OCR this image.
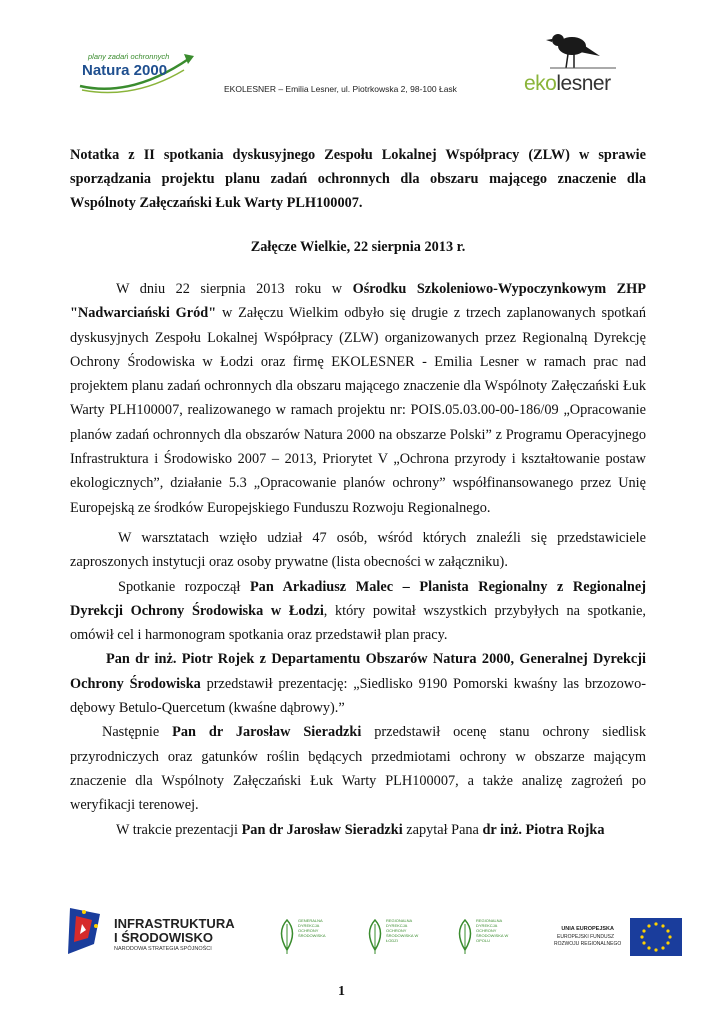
plany zadań ochronnych
Natura 2000
EKOLESNER – Emilia Lesner, ul. Piotrkowska 2, 98-100 Łask	ekolesner

Notatka z II spotkania dyskusyjnego Zespołu Lokalnej Współpracy (ZLW) w sprawie sporządzania projektu planu zadań ochronnych dla obszaru mającego znaczenie dla Wspólnoty Załęczański Łuk Warty PLH100007.

Załęcze Wielkie, 22 sierpnia 2013 r.

W dniu 22 sierpnia 2013 roku w Ośrodku Szkoleniowo-Wypoczynkowym ZHP "Nadwarciański Gród" w Załęczu Wielkim odbyło się drugie z trzech zaplanowanych spotkań dyskusyjnych Zespołu Lokalnej Współpracy (ZLW) organizowanych przez Regionalną Dyrekcję Ochrony Środowiska w Łodzi oraz firmę EKOLESNER - Emilia Lesner w ramach prac nad projektem planu zadań ochronnych dla obszaru mającego znaczenie dla Wspólnoty Załęczański Łuk Warty PLH100007, realizowanego w ramach projektu nr: POIS.05.03.00-00-186/09 „Opracowanie planów zadań ochronnych dla obszarów Natura 2000 na obszarze Polski” z Programu Operacyjnego Infrastruktura i Środowisko 2007 – 2013, Priorytet V „Ochrona przyrody i kształtowanie postaw ekologicznych”, działanie 5.3 „Opracowanie planów ochrony” współfinansowanego przez Unię Europejską ze środków Europejskiego Funduszu Rozwoju Regionalnego.

W warsztatach wzięło udział 47 osób, wśród których znaleźli się przedstawiciele zaproszonych instytucji oraz osoby prywatne (lista obecności w załączniku).

Spotkanie rozpoczął Pan Arkadiusz Malec – Planista Regionalny z Regionalnej Dyrekcji Ochrony Środowiska w Łodzi, który powitał wszystkich przybyłych na spotkanie, omówił cel i harmonogram spotkania oraz przedstawił plan pracy.

Pan dr inż. Piotr Rojek z Departamentu Obszarów Natura 2000, Generalnej Dyrekcji Ochrony Środowiska przedstawił prezentację: „Siedlisko 9190 Pomorski kwaśny las brzozowo-dębowy Betulo-Quercetum (kwaśne dąbrowy).”

Następnie Pan dr Jarosław Sieradzki przedstawił ocenę stanu ochrony siedlisk przyrodniczych oraz gatunków roślin będących przedmiotami ochrony w obszarze mającym znaczenie dla Wspólnoty Załęczański Łuk Warty PLH100007, a także analizę zagrożeń po weryfikacji terenowej.

W trakcie prezentacji Pan dr Jarosław Sieradzki zapytał Pana dr inż. Piotra Rojka

INFRASTRUKTURA
I ŚRODOWISKO
NARODOWA STRATEGIA SPÓJNOŚCI
GENERALNA DYREKCJA OCHRONY ŚRODOWISKA
REGIONALNA DYREKCJA OCHRONY ŚRODOWISKA W ŁODZI
REGIONALNA DYREKCJA OCHRONY ŚRODOWISKA W OPOLU
UNIA EUROPEJSKA
EUROPEJSKI FUNDUSZ
ROZWOJU REGIONALNEGO
1
